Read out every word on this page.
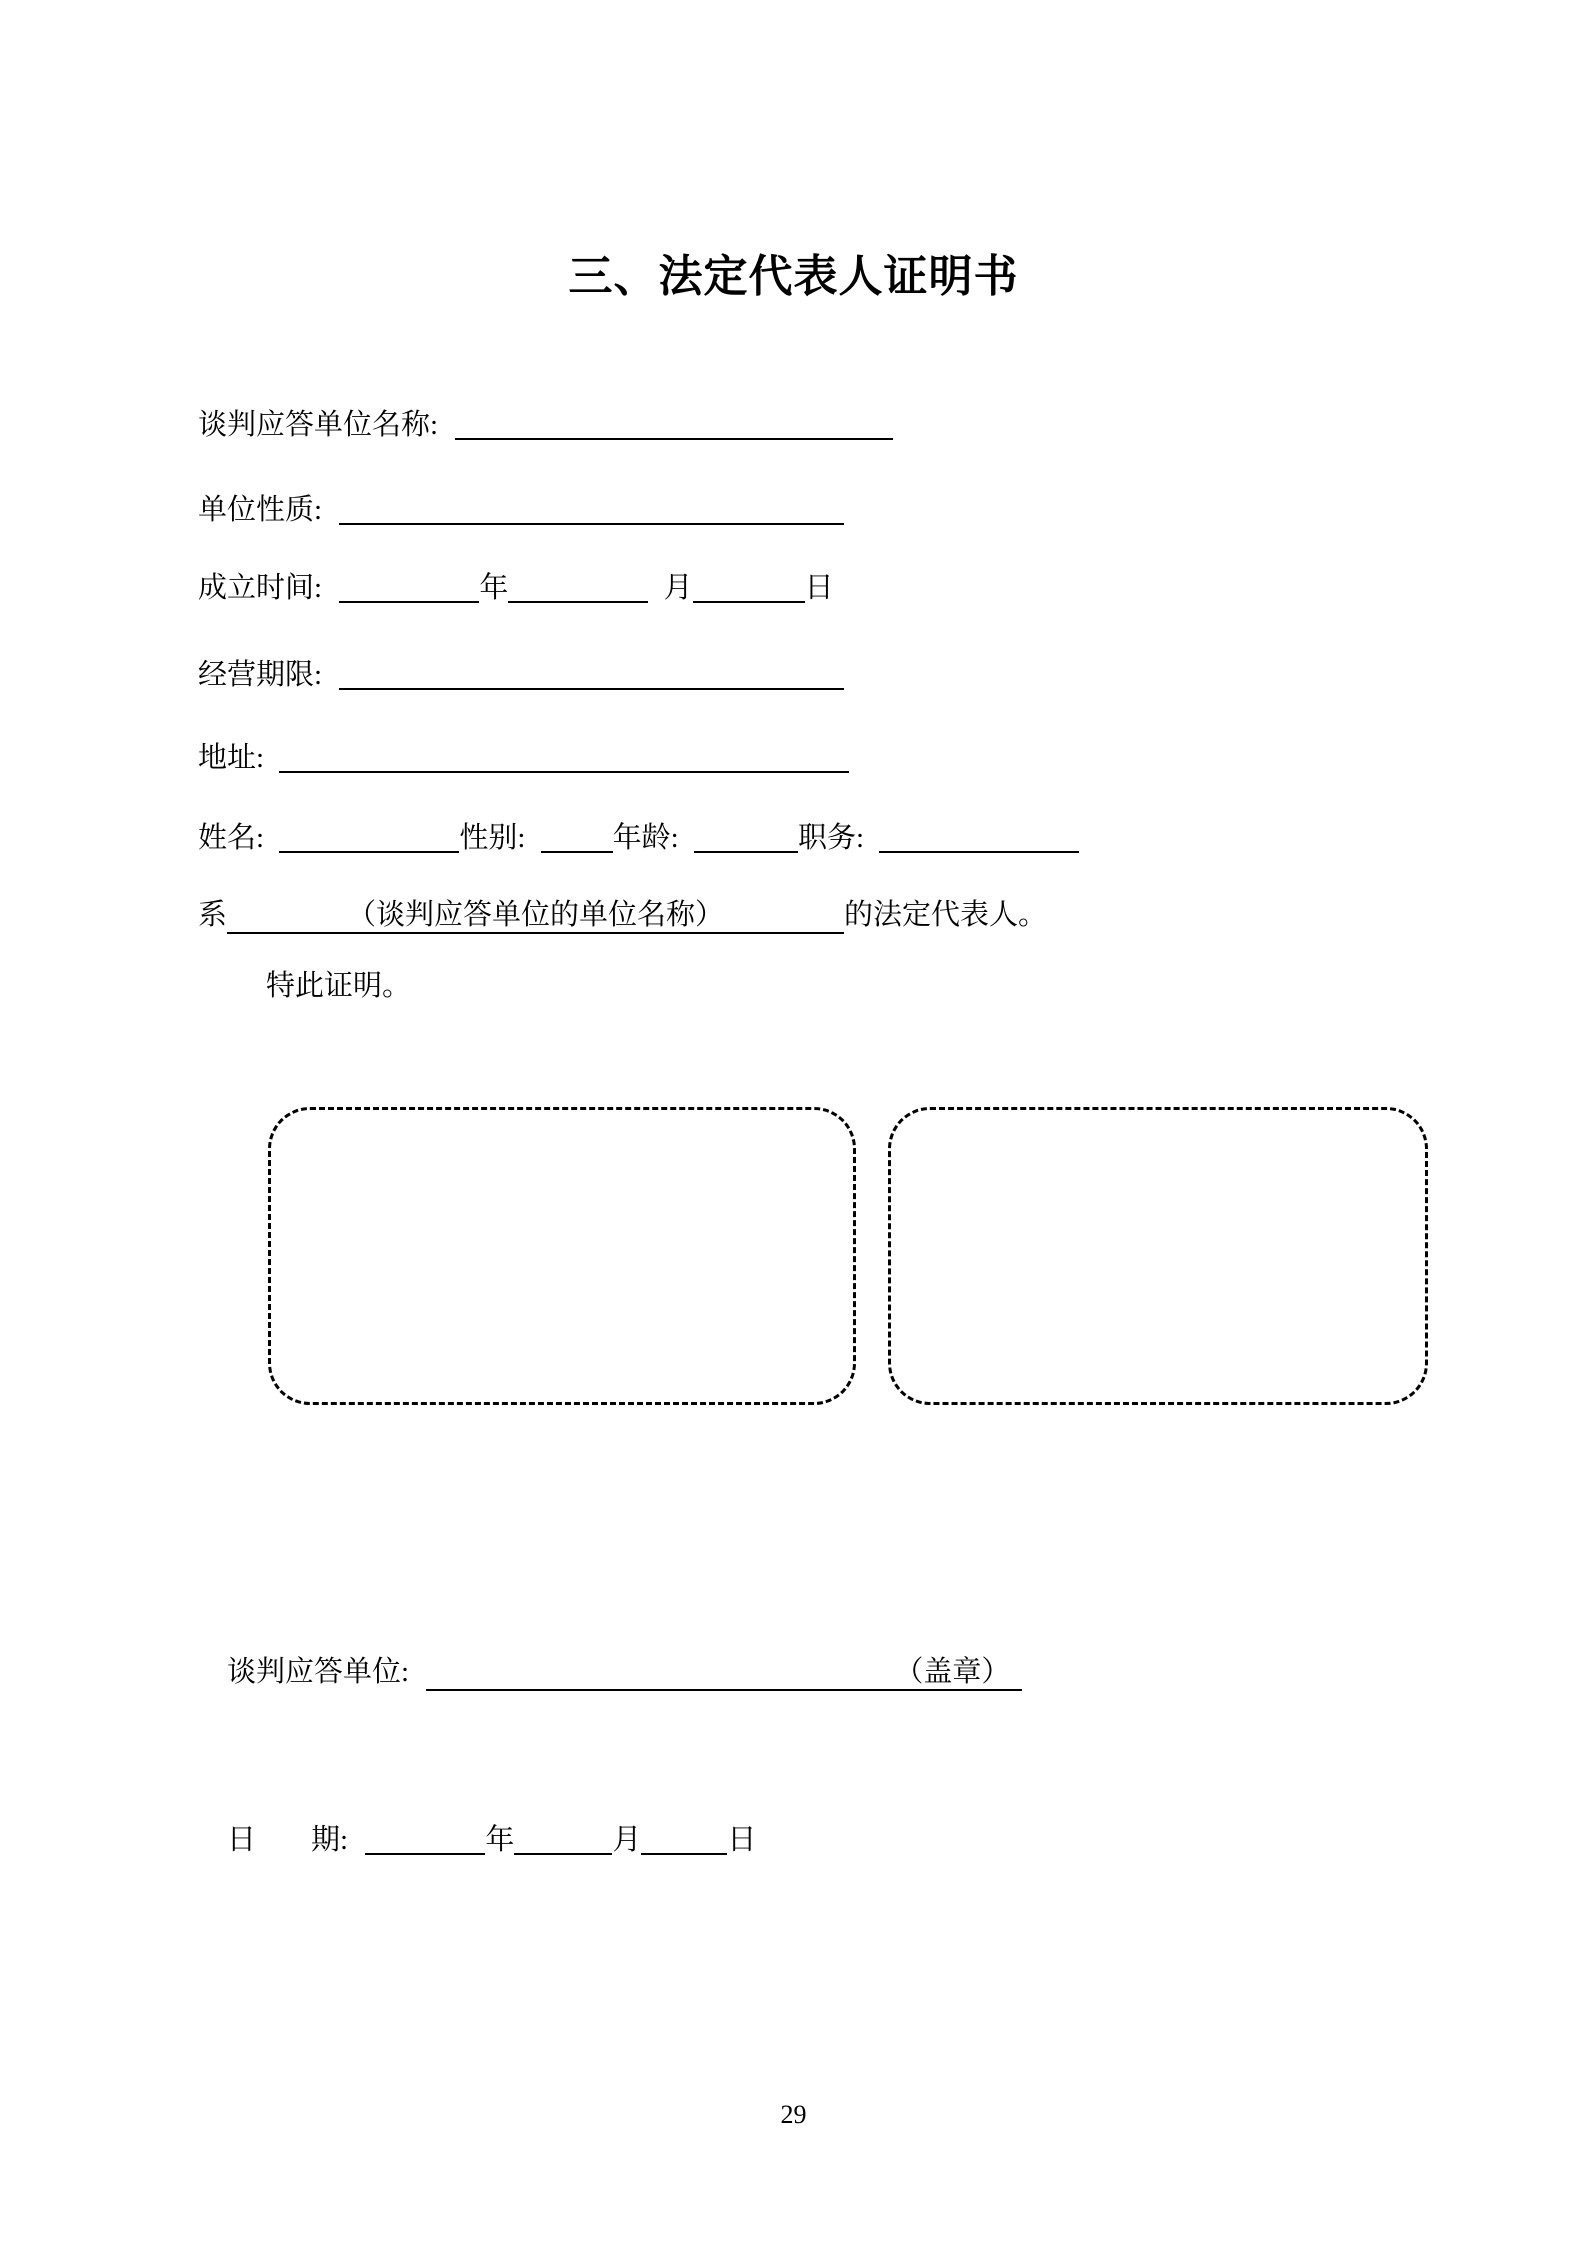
三、法定代表人证明书
谈判应答单位名称:
单位性质:
成立时间:	年	月	日
经营期限:
地址:
姓名:	性别:	年龄:	职务:
系	（谈判应答单位的单位名称）	的法定代表人。
特此证明。
谈判应答单位:	（盖章）
日 期:	年	月	日
29
